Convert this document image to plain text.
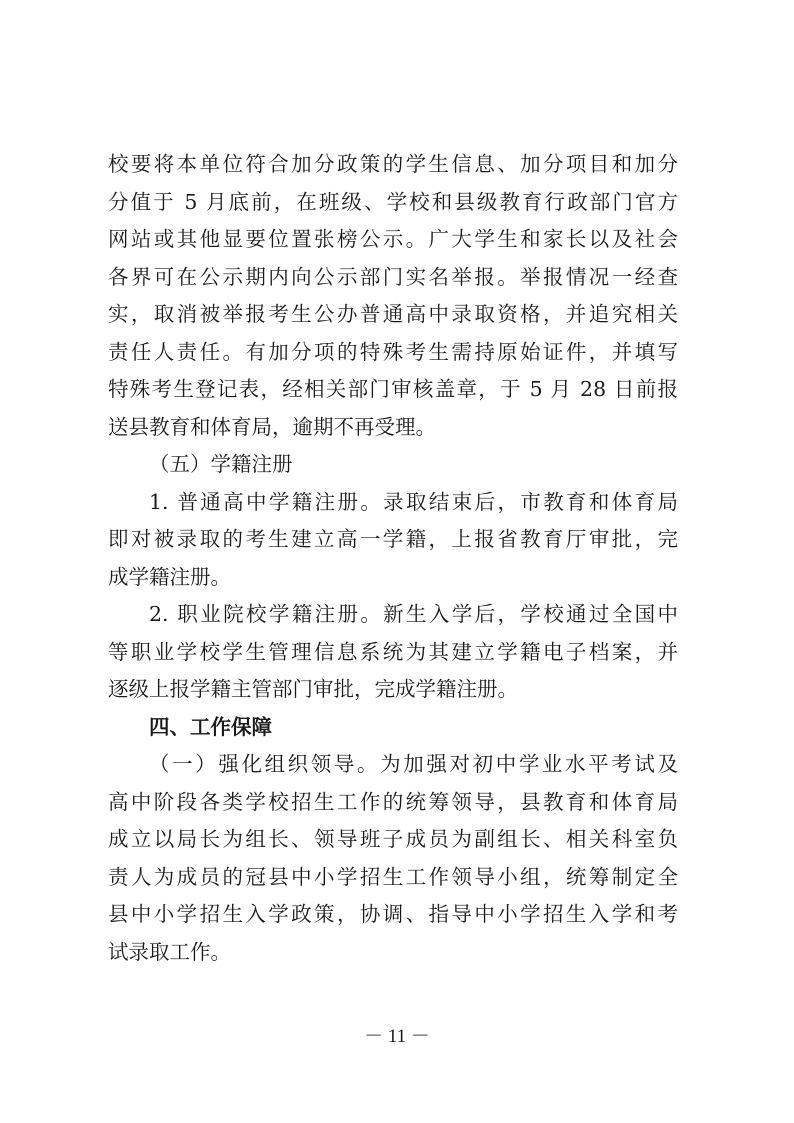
校要将本单位符合加分政策的学生信息、加分项目和加分
分值于 5 月底前，在班级、学校和县级教育行政部门官方
网站或其他显要位置张榜公示。广大学生和家长以及社会
各界可在公示期内向公示部门实名举报。举报情况一经查
实，取消被举报考生公办普通高中录取资格，并追究相关
责任人责任。有加分项的特殊考生需持原始证件，并填写
特殊考生登记表，经相关部门审核盖章，于 5 月 28 日前报
送县教育和体育局，逾期不再受理。
（五）学籍注册
1. 普通高中学籍注册。录取结束后，市教育和体育局
即对被录取的考生建立高一学籍，上报省教育厅审批，完
成学籍注册。
2. 职业院校学籍注册。新生入学后，学校通过全国中
等职业学校学生管理信息系统为其建立学籍电子档案，并
逐级上报学籍主管部门审批，完成学籍注册。
四、工作保障
（一）强化组织领导。为加强对初中学业水平考试及
高中阶段各类学校招生工作的统筹领导，县教育和体育局
成立以局长为组长、领导班子成员为副组长、相关科室负
责人为成员的冠县中小学招生工作领导小组，统筹制定全
县中小学招生入学政策，协调、指导中小学招生入学和考
试录取工作。
－ 11 －
